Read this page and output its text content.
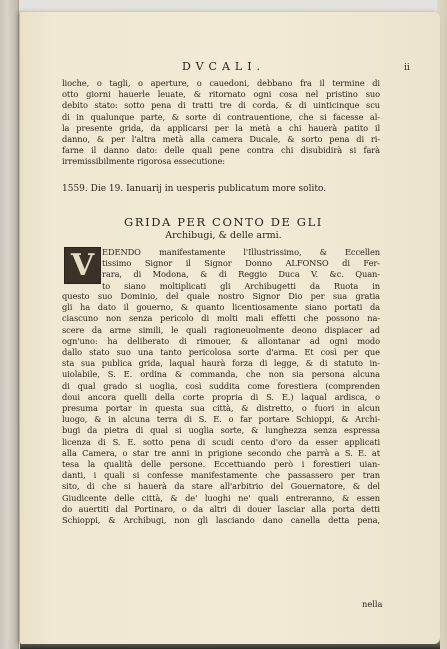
DVCALI.	ii
lioche, o tagli, o aperture, o cauedoni, debbano fra il termine di
otto giorni hauerle leuate, & ritornato ogni cosa nel pristino suo
debito stato: sotto pena di tratti tre di corda, & di uinticinque scu
di in qualunque parte, & sorte di contrauentione, che si facesse al-
la presente grida, da applicarsi per la metà a chi hauerà patito il
danno, & per l'altra metà alla camera Ducale, & sorto pena di ri-
farne il danno dato: delle quali pene contra chi disubidirà si farà
irremissibilmente rigorosa essecutione:
1559. Die 19. Ianuarij in uesperis publicatum more solito.
GRIDA PER CONTO DE GLI
Archibugi, & delle armi.
V EDENDO manifestamente l'Illustrissimo, & Eccellen
tissimo Signor il Signor Donno ALFONSO di Fer-
rara, di Modona, & di Reggio Duca V. &c. Quan-
to siano moltiplicati gli Archibugetti da Ruota in
questo suo Dominio, del quale nostro Signor Dio per sua gratia
gli ha dato il gouerno, & quanto licentiosamente siano portati da
ciascuno non senza pericolo di molti mali effetti che possono na-
scere da arme simili, le quali ragioneuolmente deono dispiacer ad
ogn'uno: ha deliberato di rimouer, & allontanar ad ogni modo
dallo stato suo una tanto pericolosa sorte d'arma. Et così per que
sta sua publica grida, laqual haurà forza di legge, & di statuto in-
uiolabile, S. E. ordina & commanda, che non sia persona alcuna
di qual grado si uoglia, così suddita come forestiera (comprenden
doui ancora quelli della corte propria di S. E.) laqual ardisca, o
presuma portar in questa sua città, & distretto, o fuori in alcun
luogo, & in alcuna terra di S. E. o far portare Schioppi, & Archi-
bugi da pietra di qual si uoglia sorte, & lunghezza senza espressa
licenza di S. E. sotto pena di scudi cento d'oro da esser applicati
alla Camera, o star tre anni in prigione secondo che parrà a S. E. at
tesa la qualità delle persone. Eccettuando però i forestieri uian-
danti, i quali si confesse manifestamente che passassero per tran
sito, di che si hauerà da stare all'arbitrio del Gouernatore, & del
Giudicente delle città, & de' luoghi ne' quali entreranno, & essen
do auertiti dal Portinaro, o da altri di douer lasciar alla porta detti
Schioppi, & Archibugi, non gli lasciando dano canella detta pena,
nella
